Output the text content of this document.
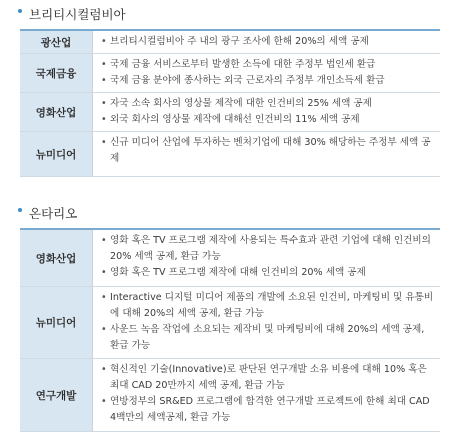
브리티시컬럼비아
광산업
•	브리티시컬럼비아 주 내의 광구 조사에 한해 20%의 세액 공제
국제금융
• 국제 금융 서비스로부터 발생한 소득에 대한 주정부 법인세 환급
• 국제 금융 분야에 종사하는 외국 근로자의 주정부 개인소득세 환급
영화산업
• 자국 소속 회사의 영상물 제작에 대한 인건비의 25% 세액 공제
• 외국 회사의 영상물 제작에 대해선 인건비의 11% 세액 공제
뉴미디어
• 신규 미디어 산업에 투자하는 벤처기업에 대해 30% 해당하는 주정부 세액 공제
온타리오
영화산업
• 영화 혹은 TV 프로그램 제작에 사용되는 특수효과 관련 기업에 대해 인건비의 20% 세액 공제, 환급 가능
• 영화 혹은 TV 프로그램 제작에 대해 인건비의 20% 세액 공제
뉴미디어
• Interactive 디지털 미디어 제품의 개발에 소요된 인건비, 마케팅비 및 유통비에 대해 20%의 세액 공제, 환급 가능
• 사운드 녹음 작업에 소요되는 제작비 및 마케팅비에 대해 20%의 세액 공제, 환급 가능
연구개발
• 혁신적인 기술(Innovative)로 판단된 연구개발 소유 비용에 대해 10% 혹은 최대 CAD 20만까지 세액 공제, 환급 가능
• 연방정부의 SR&ED 프로그램에 합격한 연구개발 프로젝트에 한해 최대 CAD 4백만의 세액공제, 환급 가능
